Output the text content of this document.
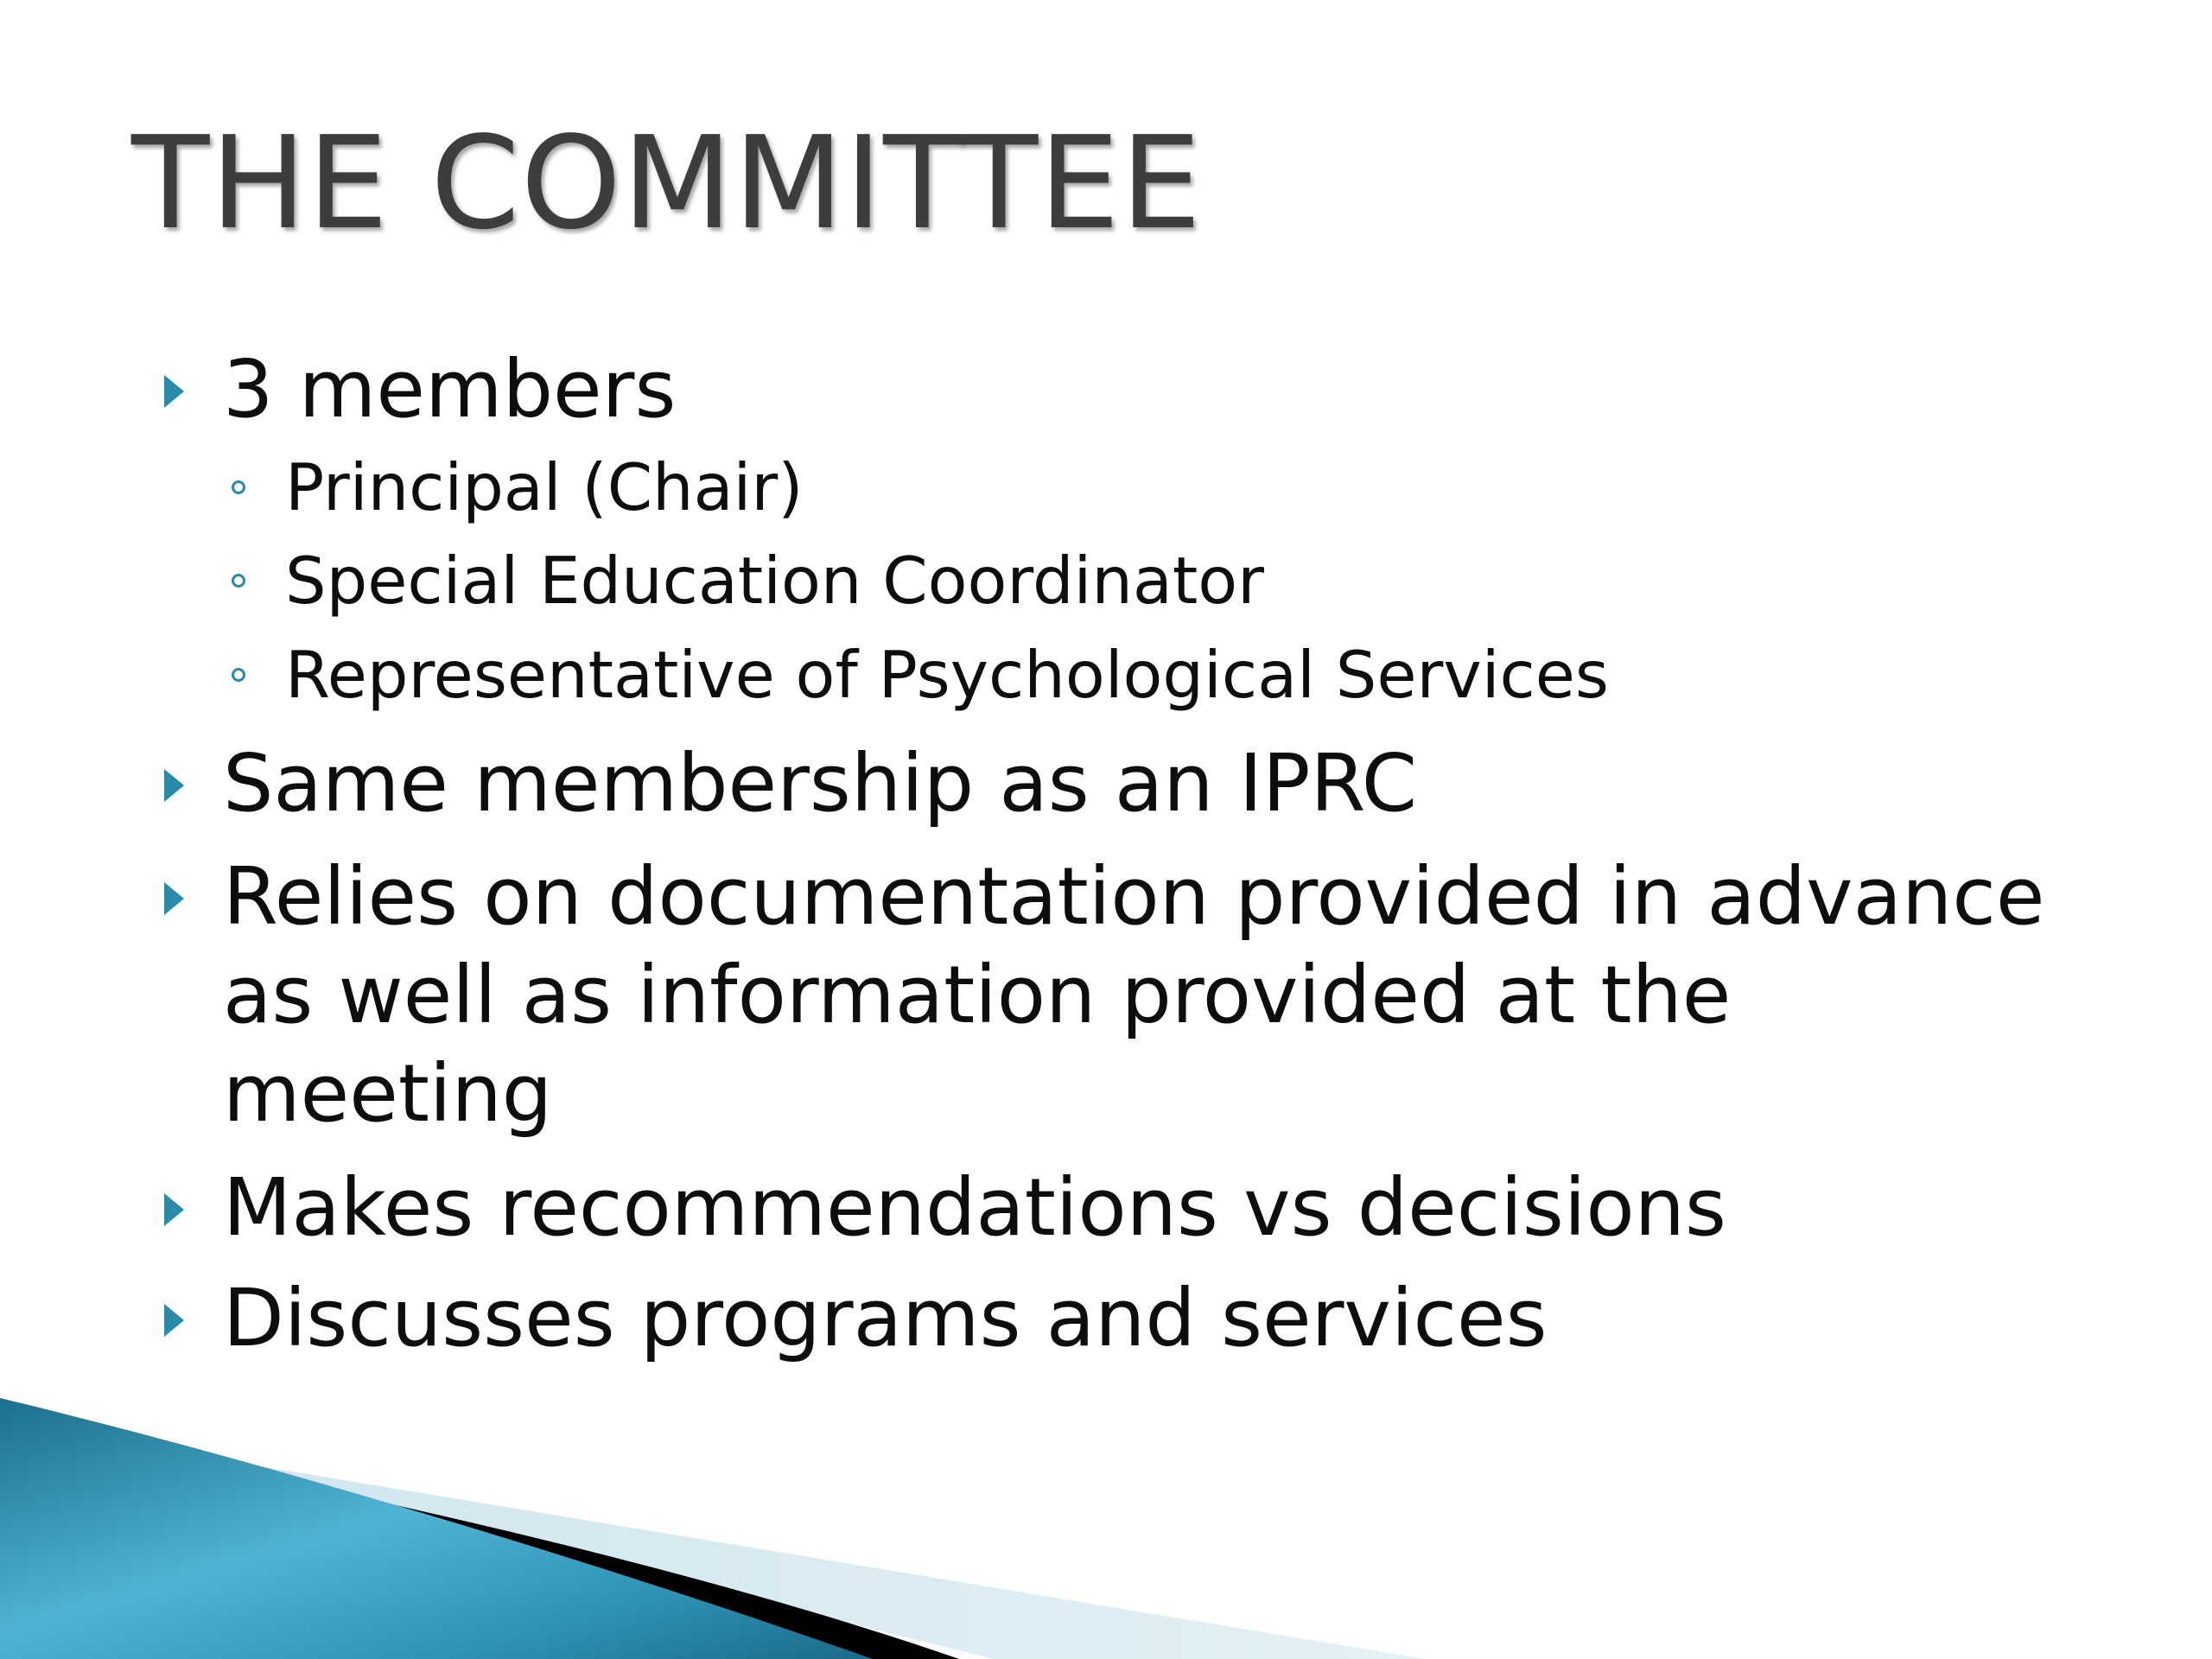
THE COMMITTEE
3 members
Principal (Chair)
Special Education Coordinator
Representative of Psychological Services
Same membership as an IPRC
Relies on documentation provided in advance
as well as information provided at the
meeting
Makes recommendations vs decisions
Discusses programs and services
